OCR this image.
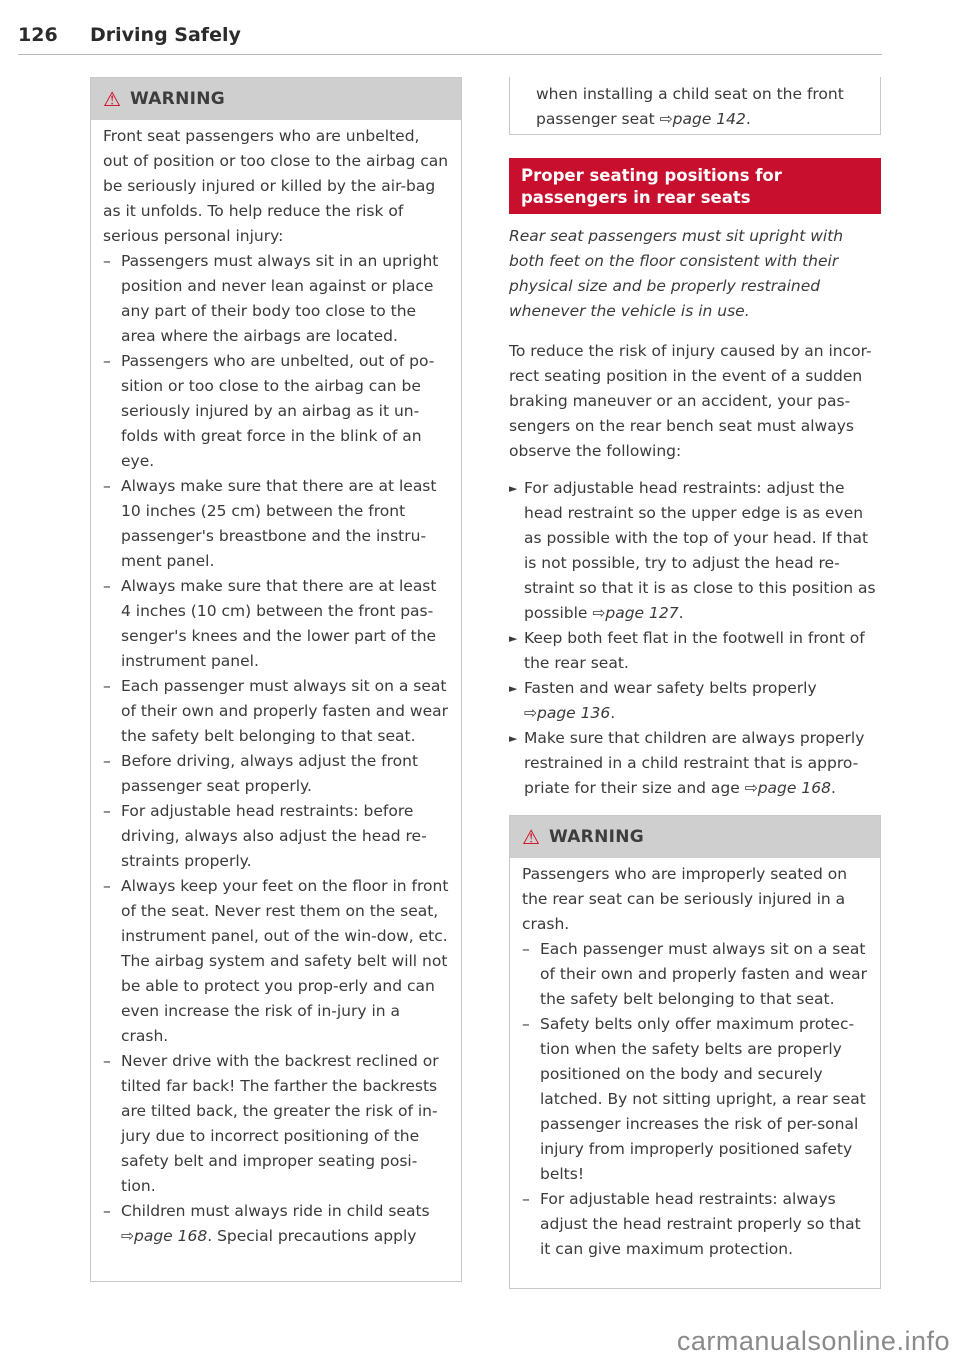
126 Driving Safely
⚠ WARNING

Front seat passengers who are unbelted, out of position or too close to the airbag can be seriously injured or killed by the air-bag as it unfolds. To help reduce the risk of serious personal injury:

– Passengers must always sit in an upright position and never lean against or place any part of their body too close to the area where the airbags are located.
– Passengers who are unbelted, out of po-sition or too close to the airbag can be seriously injured by an airbag as it un-folds with great force in the blink of an eye.
– Always make sure that there are at least 10 inches (25 cm) between the front passenger's breastbone and the instru-ment panel.
– Always make sure that there are at least 4 inches (10 cm) between the front pas-senger's knees and the lower part of the instrument panel.
– Each passenger must always sit on a seat of their own and properly fasten and wear the safety belt belonging to that seat.
– Before driving, always adjust the front passenger seat properly.
– For adjustable head restraints: before driving, always also adjust the head re-straints properly.
– Always keep your feet on the floor in front of the seat. Never rest them on the seat, instrument panel, out of the win-dow, etc. The airbag system and safety belt will not be able to protect you prop-erly and can even increase the risk of in-jury in a crash.
– Never drive with the backrest reclined or tilted far back! The farther the backrests are tilted back, the greater the risk of in-jury due to incorrect positioning of the safety belt and improper seating posi-tion.
– Children must always ride in child seats
⇨page 168. Special precautions apply
when installing a child seat on the front passenger seat ⇨page 142.
Proper seating positions for passengers in rear seats

Rear seat passengers must sit upright with both feet on the floor consistent with their physical size and be properly restrained whenever the vehicle is in use.

To reduce the risk of injury caused by an incor-rect seating position in the event of a sudden braking maneuver or an accident, your pas-sengers on the rear bench seat must always observe the following:

► For adjustable head restraints: adjust the head restraint so the upper edge is as even as possible with the top of your head. If that is not possible, try to adjust the head re-straint so that it is as close to this position as possible ⇨page 127.
► Keep both feet flat in the footwell in front of the rear seat.
► Fasten and wear safety belts properly
⇨page 136.
► Make sure that children are always properly restrained in a child restraint that is appro-priate for their size and age ⇨page 168.
⚠ WARNING

Passengers who are improperly seated on the rear seat can be seriously injured in a crash.

– Each passenger must always sit on a seat of their own and properly fasten and wear the safety belt belonging to that seat.
– Safety belts only offer maximum protec-tion when the safety belts are properly positioned on the body and securely latched. By not sitting upright, a rear seat passenger increases the risk of per-sonal injury from improperly positioned safety belts!
– For adjustable head restraints: always adjust the head restraint properly so that it can give maximum protection.
carmanualsonline.info
